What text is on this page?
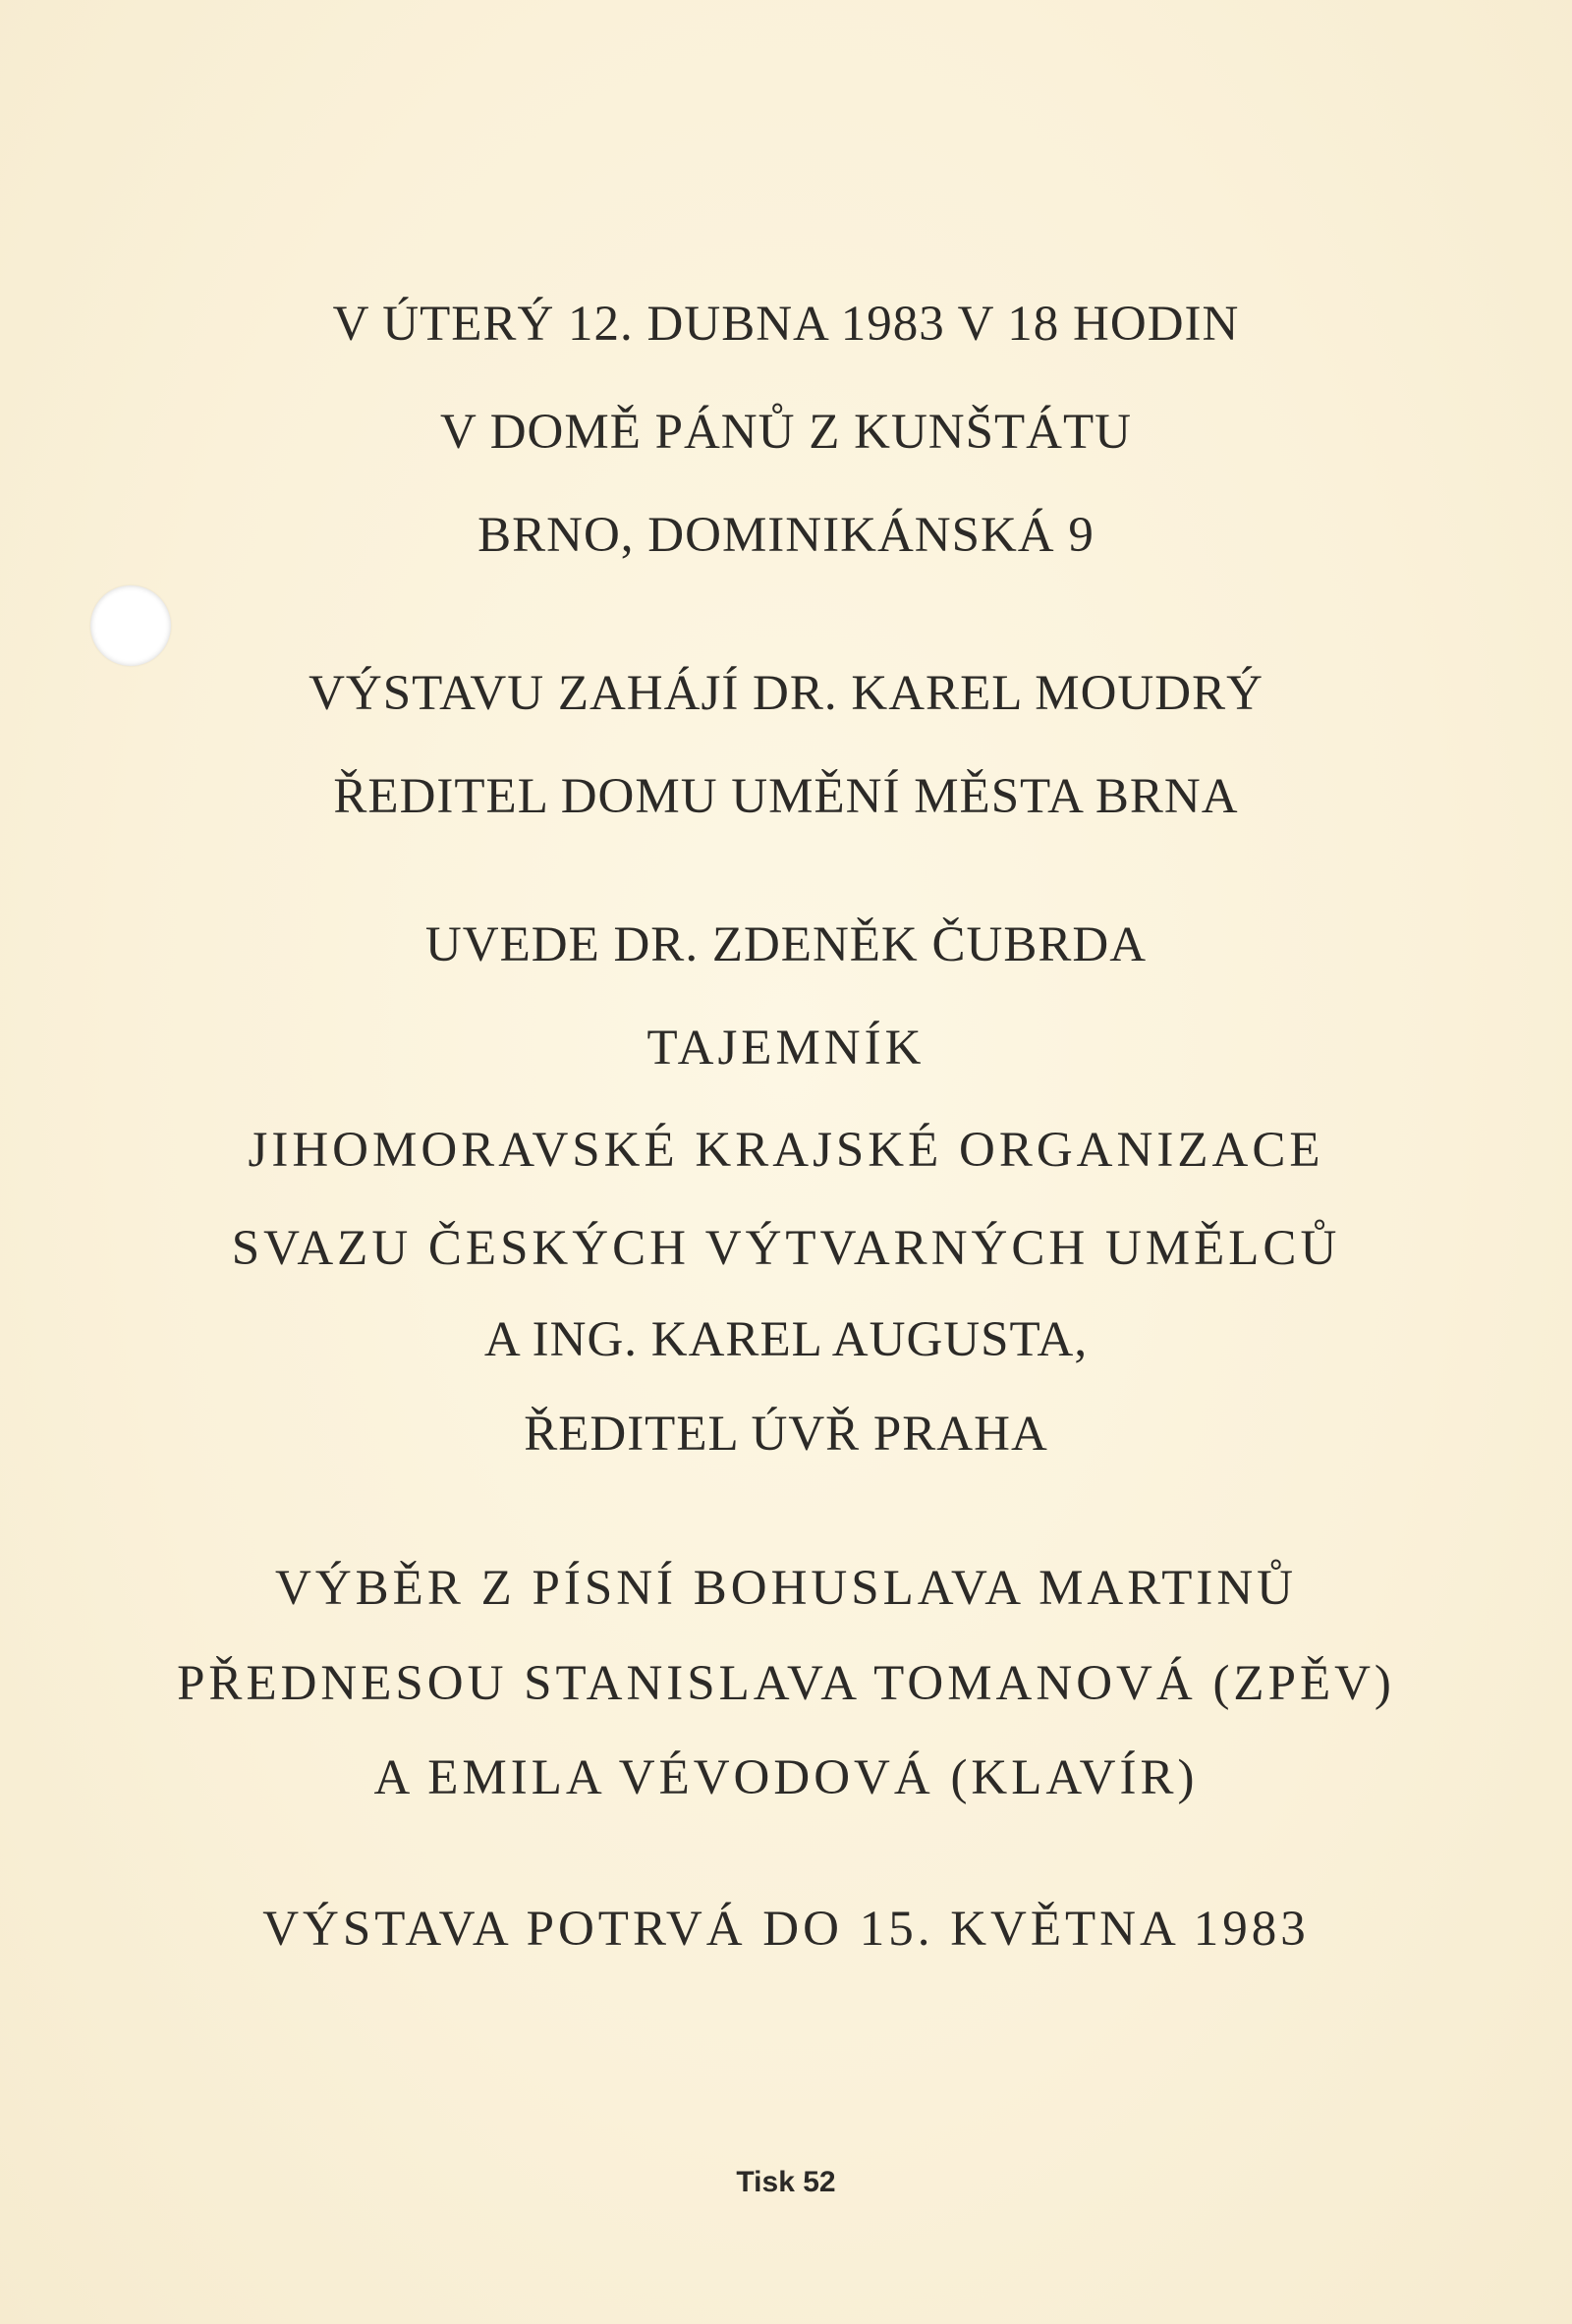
V ÚTERÝ 12. DUBNA 1983 V 18 HODIN
V DOMĚ PÁNŮ Z KUNŠTÁTU
BRNO, DOMINIKÁNSKÁ 9
VÝSTAVU ZAHÁJÍ DR. KAREL MOUDRÝ
ŘEDITEL DOMU UMĚNÍ MĚSTA BRNA
UVEDE DR. ZDENĚK ČUBRDA
TAJEMNÍK
JIHOMORAVSKÉ KRAJSKÉ ORGANIZACE
SVAZU ČESKÝCH VÝTVARNÝCH UMĚLCŮ
A ING. KAREL AUGUSTA,
ŘEDITEL ÚVŘ PRAHA
VÝBĚR Z PÍSNÍ BOHUSLAVA MARTINŮ
PŘEDNESOU STANISLAVA TOMANOVÁ (ZPĚV)
A EMILA VÉVODOVÁ (KLAVÍR)
VÝSTAVA POTRVÁ DO 15. KVĚTNA 1983
Tisk 52
